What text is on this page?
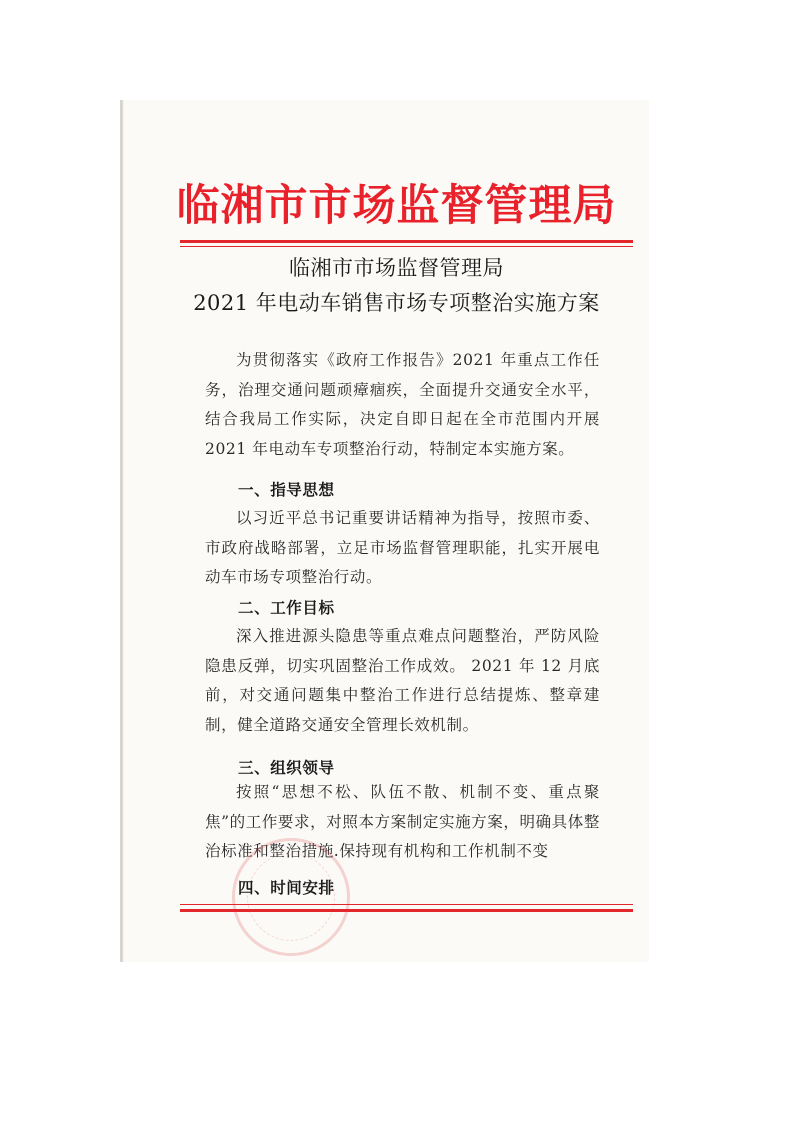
临湘市市场监督管理局
临湘市市场监督管理局
2021 年电动车销售市场专项整治实施方案
为贯彻落实《政府工作报告》2021 年重点工作任务，治理交通问题顽瘴痼疾，全面提升交通安全水平，结合我局工作实际，决定自即日起在全市范围内开展 2021 年电动车专项整治行动，特制定本实施方案。
一、指导思想
以习近平总书记重要讲话精神为指导，按照市委、市政府战略部署，立足市场监督管理职能，扎实开展电动车市场专项整治行动。
二、工作目标
深入推进源头隐患等重点难点问题整治，严防风险隐患反弹，切实巩固整治工作成效。 2021 年 12 月底前，对交通问题集中整治工作进行总结提炼、整章建制，健全道路交通安全管理长效机制。
三、组织领导
按照“思想不松、队伍不散、机制不变、重点聚焦”的工作要求，对照本方案制定实施方案，明确具体整治标准和整治措施.保持现有机构和工作机制不变
四、时间安排
